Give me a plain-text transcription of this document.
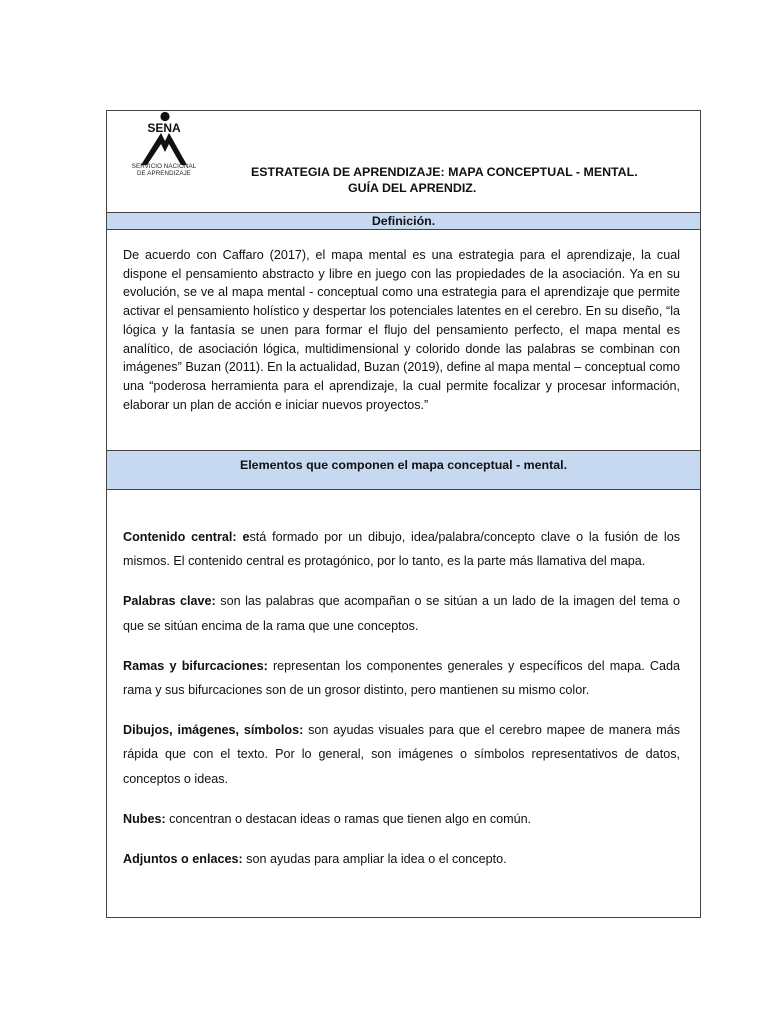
SENA
SERVICIO NACIONAL
DE APRENDIZAJE	ESTRATEGIA DE APRENDIZAJE: MAPA CONCEPTUAL - MENTAL.
GUÍA DEL APRENDIZ.
Definición.
De acuerdo con Caffaro (2017), el mapa mental es una estrategia para el aprendizaje, la cual dispone el pensamiento abstracto y libre en juego con las propiedades de la asociación. Ya en su evolución, se ve al mapa mental - conceptual como una estrategia para el aprendizaje que permite activar el pensamiento holístico y despertar los potenciales latentes en el cerebro. En su diseño, “la lógica y la fantasía se unen para formar el flujo del pensamiento perfecto, el mapa mental es analítico, de asociación lógica, multidimensional y colorido donde las palabras se combinan con imágenes” Buzan (2011). En la actualidad, Buzan (2019), define al mapa mental – conceptual como una “poderosa herramienta para el aprendizaje, la cual permite focalizar y procesar información, elaborar un plan de acción e iniciar nuevos proyectos.”
Elementos que componen el mapa conceptual - mental.

Contenido central: está formado por un dibujo, idea/palabra/concepto clave o la fusión de los mismos. El contenido central es protagónico, por lo tanto, es la parte más llamativa del mapa.

Palabras clave: son las palabras que acompañan o se sitúan a un lado de la imagen del tema o que se sitúan encima de la rama que une conceptos.

Ramas y bifurcaciones: representan los componentes generales y específicos del mapa. Cada rama y sus bifurcaciones son de un grosor distinto, pero mantienen su mismo color.

Dibujos, imágenes, símbolos: son ayudas visuales para que el cerebro mapee de manera más rápida que con el texto. Por lo general, son imágenes o símbolos representativos de datos, conceptos o ideas.

Nubes: concentran o destacan ideas o ramas que tienen algo en común.

Adjuntos o enlaces: son ayudas para ampliar la idea o el concepto.
